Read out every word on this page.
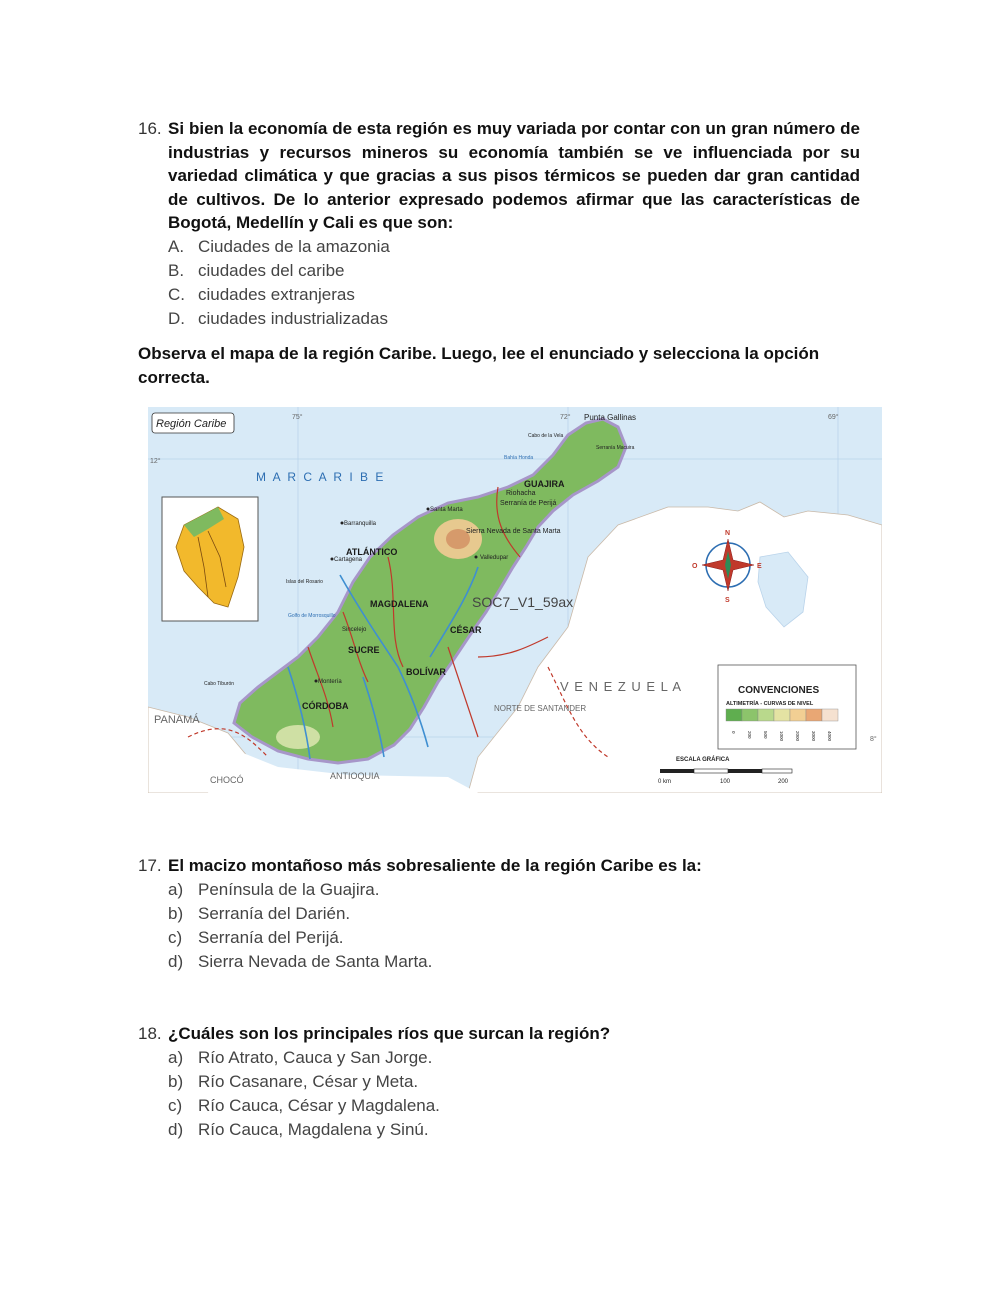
16. Si bien la economía de esta región es muy variada por contar con un gran número de industrias y recursos mineros su economía también se ve influenciada por su variedad climática y que gracias a sus pisos térmicos se pueden dar gran cantidad de cultivos. De lo anterior expresado podemos afirmar que las características de Bogotá, Medellín y Cali es que son:
A. Ciudades de la amazonia
B. ciudades del caribe
C. ciudades extranjeras
D. ciudades industrializadas
Observa el mapa de la región Caribe. Luego, lee el enunciado y selecciona la opción correcta.
Región Caribe
75°	72°	69°
12°
8°
M A R C A R I B E
V E N E Z U E L A
PANAMÁ
CHOCÓ	ANTIOQUIA
NORTE DE SANTANDER
GUAJIRA
ATLÁNTICO
MAGDALENA
CÉSAR
SUCRE
BOLÍVAR
CÓRDOBA
Punta Gallinas
Cabo de la Vela
Serranía Macuira
Bahía Honda
Riohacha
Serranía de Perijá
Santa Marta
Sierra Nevada de Santa Marta
Valledupar
Barranquilla
Cartagena
Islas del Rosario
Golfo de Morrosquillo
Sincelejo
Montería
Cabo Tiburón
SOC7_V1_59ax
N
S
E
O
CONVENCIONES
ALTIMETRÍA - CURVAS DE NIVEL
0 200 500 1000 2000 3000 4000
ESCALA GRÁFICA
0 km	100	200
17. El macizo montañoso más sobresaliente de la región Caribe es la:
a) Península de la Guajira.
b) Serranía del Darién.
c) Serranía del Perijá.
d) Sierra Nevada de Santa Marta.
18. ¿Cuáles son los principales ríos que surcan la región?
a) Río Atrato, Cauca y San Jorge.
b) Río Casanare, César y Meta.
c) Río Cauca, César y Magdalena.
d) Río Cauca, Magdalena y Sinú.
